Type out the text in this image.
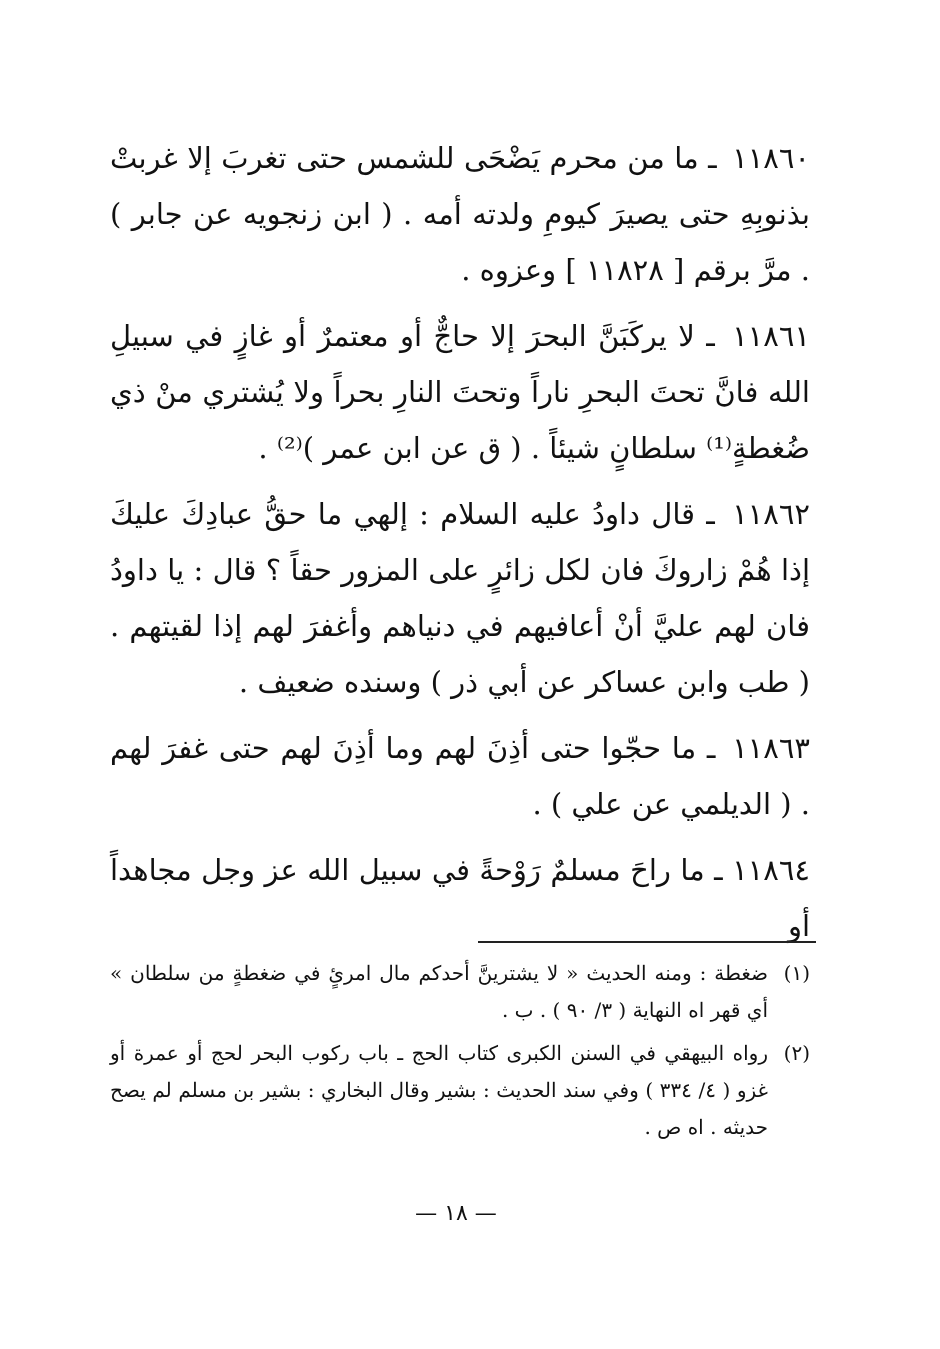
١١٨٦٠ ـ ما من محرم يَضْحَى للشمس حتى تغربَ إلا غربتْ بذنوبِهِ حتى يصيرَ كيومِ ولدته أمه . ( ابن زنجويه عن جابر ) . مرَّ برقم [ ١١٨٢٨ ] وعزوه .

١١٨٦١ ـ لا يركَبَنَّ البحرَ إلا حاجٌّ أو معتمرٌ أو غازٍ في سبيلِ الله فانَّ تحتَ البحرِ ناراً وتحتَ النارِ بحراً ولا يُشتري منْ ذي ضُغطةٍ⁽¹⁾ سلطانٍ شيئاً . ( ق عن ابن عمر )⁽²⁾ .

١١٨٦٢ ـ قال داودُ عليه السلام : إلهي ما حقُّ عبادِكَ عليكَ إذا هُمْ زاروكَ فان لكل زائرٍ على المزور حقاً ؟ قال : يا داودُ فان لهم عليَّ أنْ أعافيهم في دنياهم وأغفرَ لهم إذا لقيتهم . ( طب وابن عساكر عن أبي ذر ) وسنده ضعيف .

١١٨٦٣ ـ ما حجّوا حتى أذِنَ لهم وما أذِنَ لهم حتى غفرَ لهم . ( الديلمي عن علي ) .

١١٨٦٤ ـ ما راحَ مسلمٌ رَوْحةً في سبيل الله عز وجل مجاهداً أو

(١)
ضغطة : ومنه الحديث « لا يشترينَّ أحدكم مال امرئٍ في ضغطةٍ من سلطان » أي قهر اه النهاية ( ٣/ ٩٠ ) . ب .
(٢)
رواه البيهقي في السنن الكبرى كتاب الحج ـ باب ركوب البحر لحج أو عمرة أو غزو ( ٤/ ٣٣٤ ) وفي سند الحديث : بشير وقال البخاري : بشير بن مسلم لم يصح حديثه . اه ص .
— ١٨ —
